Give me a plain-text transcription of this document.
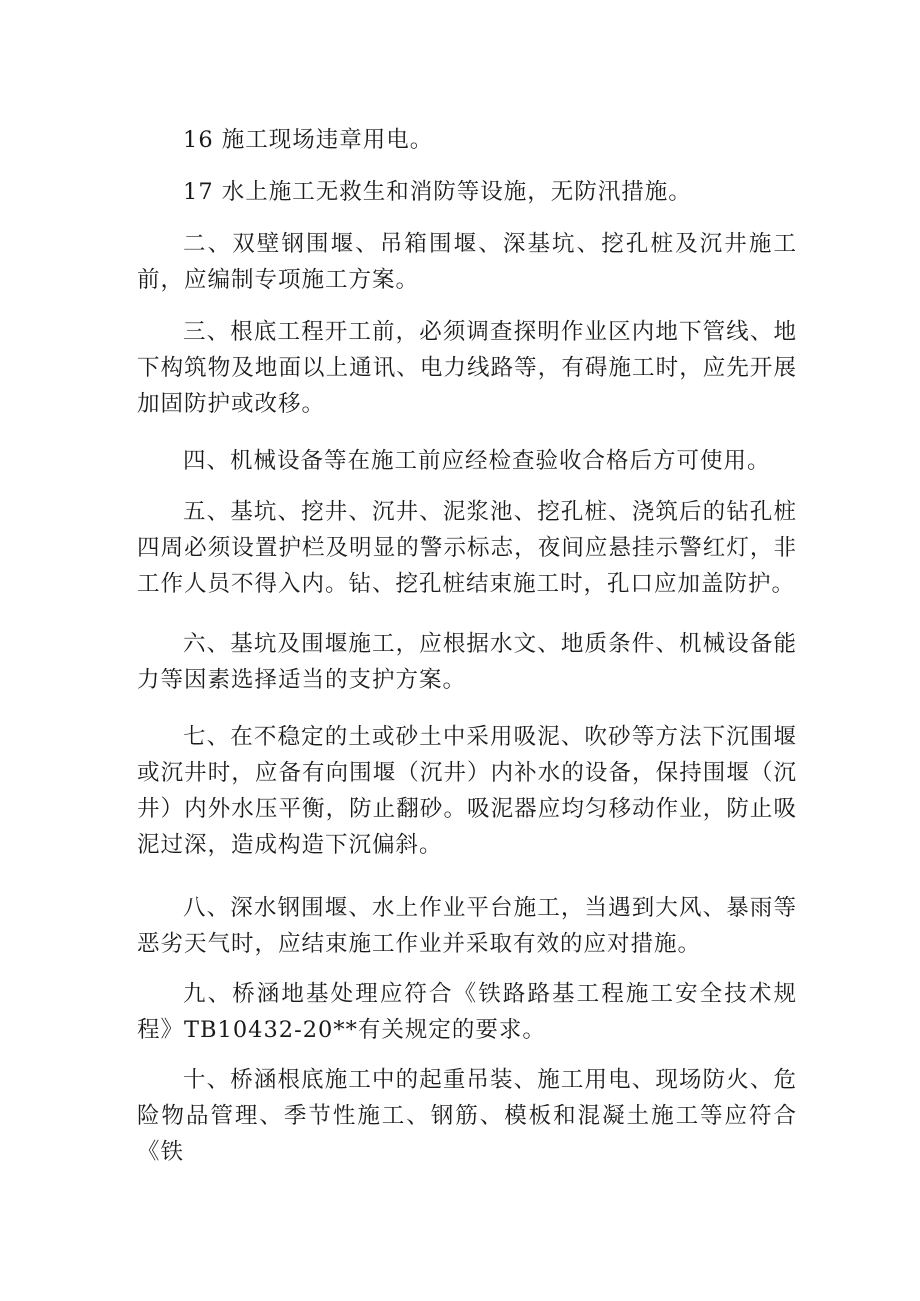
16 施工现场违章用电。

17 水上施工无救生和消防等设施，无防汛措施。

二、双壁钢围堰、吊箱围堰、深基坑、挖孔桩及沉井施工前，应编制专项施工方案。

三、根底工程开工前，必须调查探明作业区内地下管线、地下构筑物及地面以上通讯、电力线路等，有碍施工时，应先开展加固防护或改移。

四、机械设备等在施工前应经检查验收合格后方可使用。

五、基坑、挖井、沉井、泥浆池、挖孔桩、浇筑后的钻孔桩四周必须设置护栏及明显的警示标志，夜间应悬挂示警红灯，非工作人员不得入内。钻、挖孔桩结束施工时，孔口应加盖防护。

六、基坑及围堰施工，应根据水文、地质条件、机械设备能力等因素选择适当的支护方案。

七、在不稳定的土或砂土中采用吸泥、吹砂等方法下沉围堰或沉井时，应备有向围堰（沉井）内补水的设备，保持围堰（沉井）内外水压平衡，防止翻砂。吸泥器应均匀移动作业，防止吸泥过深，造成构造下沉偏斜。

八、深水钢围堰、水上作业平台施工，当遇到大风、暴雨等恶劣天气时，应结束施工作业并采取有效的应对措施。

九、桥涵地基处理应符合《铁路路基工程施工安全技术规程》TB10432-20**有关规定的要求。

十、桥涵根底施工中的起重吊装、施工用电、现场防火、危险物品管理、季节性施工、钢筋、模板和混凝土施工等应符合《铁
